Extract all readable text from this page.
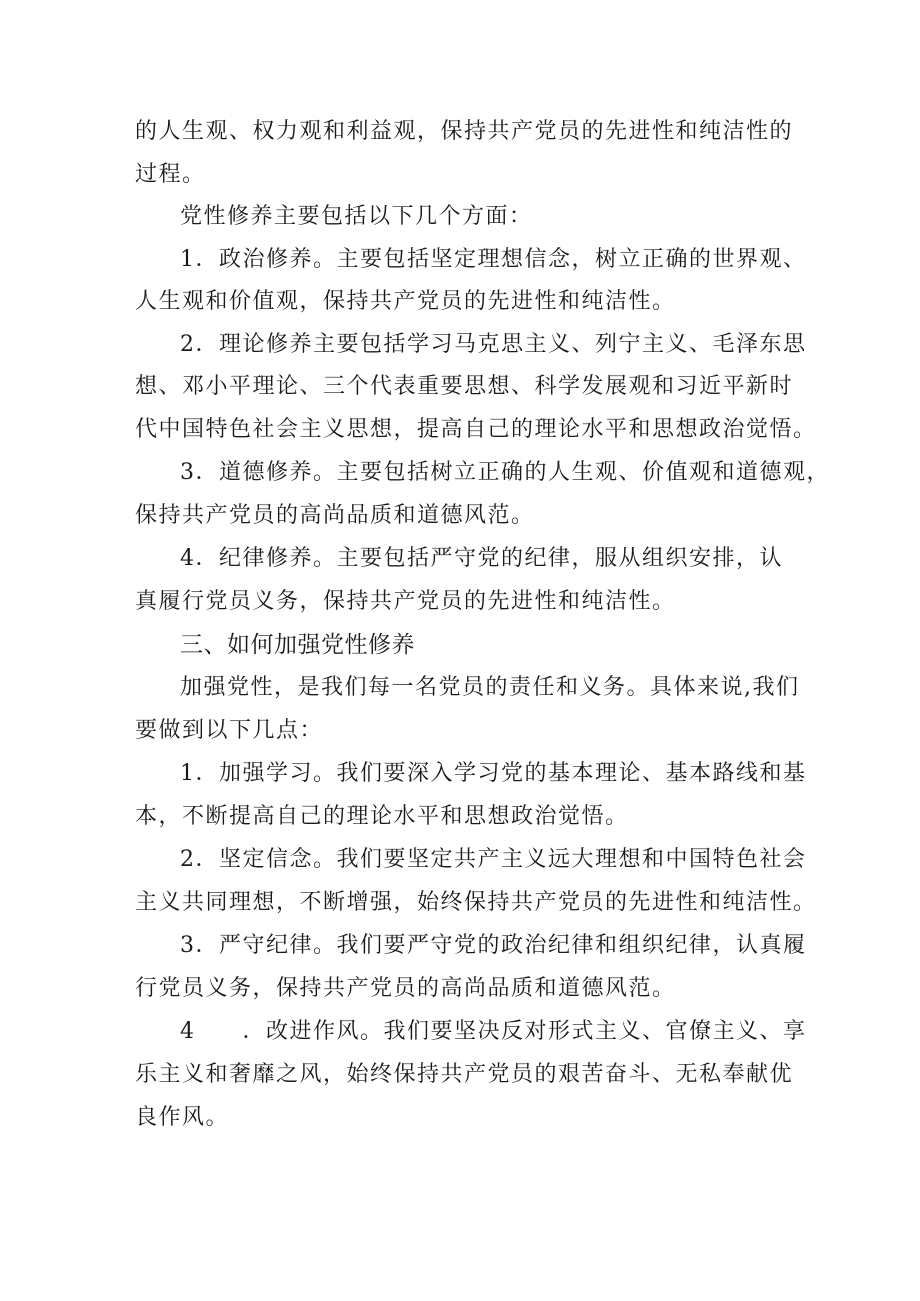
的人生观、权力观和利益观，保持共产党员的先进性和纯洁性的
过程。
党性修养主要包括以下几个方面：
1．政治修养。主要包括坚定理想信念，树立正确的世界观、
人生观和价值观，保持共产党员的先进性和纯洁性。
2．理论修养主要包括学习马克思主义、列宁主义、毛泽东思
想、邓小平理论、三个代表重要思想、科学发展观和习近平新时
代中国特色社会主义思想，提高自己的理论水平和思想政治觉悟。
3．道德修养。主要包括树立正确的人生观、价值观和道德观，
保持共产党员的高尚品质和道德风范。
4．纪律修养。主要包括严守党的纪律，服从组织安排，认
真履行党员义务，保持共产党员的先进性和纯洁性。
三、如何加强党性修养
加强党性，是我们每一名党员的责任和义务。具体来说,我们
要做到以下几点：
1．加强学习。我们要深入学习党的基本理论、基本路线和基
本，不断提高自己的理论水平和思想政治觉悟。
2．坚定信念。我们要坚定共产主义远大理想和中国特色社会
主义共同理想，不断增强，始终保持共产党员的先进性和纯洁性。
3．严守纪律。我们要严守党的政治纪律和组织纪律，认真履
行党员义务，保持共产党员的高尚品质和道德风范。
4　　．改进作风。我们要坚决反对形式主义、官僚主义、享
乐主义和奢靡之风，始终保持共产党员的艰苦奋斗、无私奉献优
良作风。
